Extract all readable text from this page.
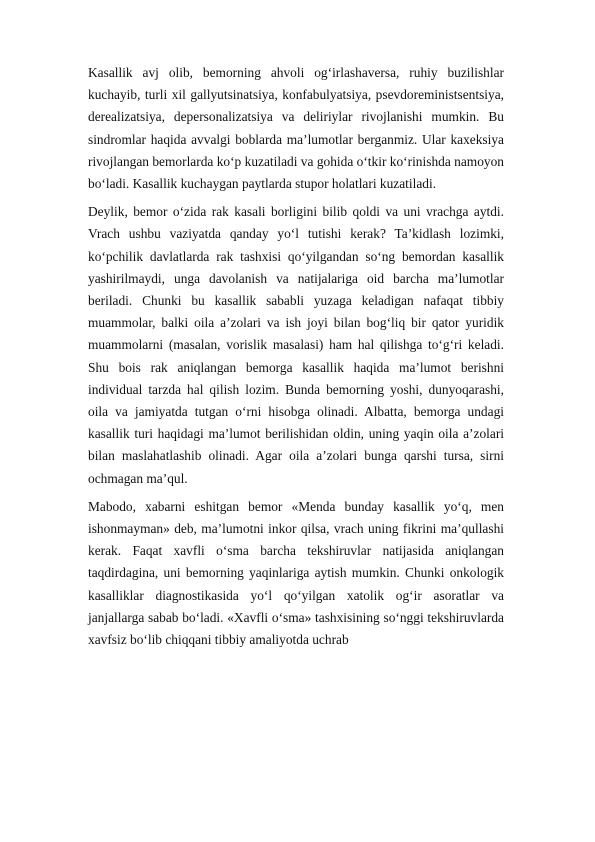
Kasallik avj olib, bemorning ahvoli og‘irlashaversa, ruhiy buzilishlar kuchayib, turli xil gallyutsinatsiya, konfabulyatsiya, psevdoreministsentsiya, derealizatsiya, depersonalizatsiya va deliriylar rivojlanishi mumkin. Bu sindromlar haqida avvalgi boblarda ma’lumotlar berganmiz. Ular kaxeksiya rivojlangan bemorlarda ko‘p kuzatiladi va gohida o‘tkir ko‘rinishda namoyon bo‘ladi. Kasallik kuchaygan paytlarda stupor holatlari kuzatiladi.

Deylik, bemor o‘zida rak kasali borligini bilib qoldi va uni vrachga aytdi. Vrach ushbu vaziyatda qanday yo‘l tutishi kerak? Ta’kidlash lozimki, ko‘pchilik davlatlarda rak tashxisi qo‘yilgandan so‘ng bemordan kasallik yashirilmaydi, unga davolanish va natijalariga oid barcha ma’lumotlar beriladi. Chunki bu kasallik sababli yuzaga keladigan nafaqat tibbiy muammolar, balki oila a’zolari va ish joyi bilan bog‘liq bir qator yuridik muammolarni (masalan, vorislik masalasi) ham hal qilishga to‘g‘ri keladi. Shu bois rak aniqlangan bemorga kasallik haqida ma’lumot berishni individual tarzda hal qilish lozim. Bunda bemorning yoshi, dunyoqarashi, oila va jamiyatda tutgan o‘rni hisobga olinadi. Albatta, bemorga undagi kasallik turi haqidagi ma’lumot berilishidan oldin, uning yaqin oila a’zolari bilan maslahatlashib olinadi. Agar oila a’zolari bunga qarshi tursa, sirni ochmagan ma’qul.

Mabodo, xabarni eshitgan bemor «Menda bunday kasallik yo‘q, men ishonmayman» deb, ma’lumotni inkor qilsa, vrach uning fikrini ma’qullashi kerak. Faqat xavfli o‘sma barcha tekshiruvlar natijasida aniqlangan taqdirdagina, uni bemorning yaqinlariga aytish mumkin. Chunki onkologik kasalliklar diagnostikasida yo‘l qo‘yilgan xatolik og‘ir asoratlar va janjallarga sabab bo‘ladi. «Xavfli o‘sma» tashxisining so‘nggi tekshiruvlarda xavfsiz bo‘lib chiqqani tibbiy amaliyotda uchrab
